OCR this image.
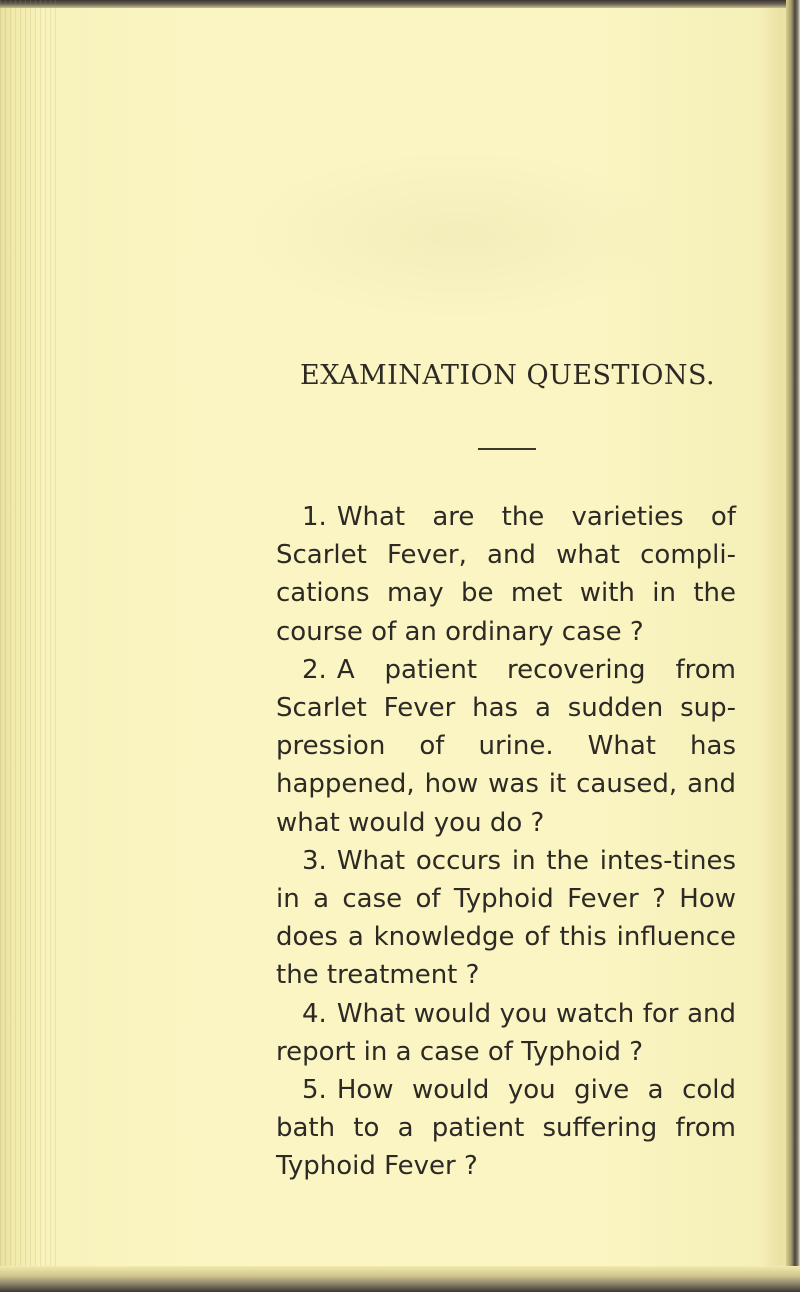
EXAMINATION QUESTIONS.

1. What are the varieties of Scarlet Fever, and what compli-cations may be met with in the course of an ordinary case ?

2. A patient recovering from Scarlet Fever has a sudden sup-pression of urine. What has happened, how was it caused, and what would you do ?

3. What occurs in the intes-tines in a case of Typhoid Fever ? How does a knowledge of this influence the treatment ?

4. What would you watch for and report in a case of Typhoid ?

5. How would you give a cold bath to a patient suffering from Typhoid Fever ?
